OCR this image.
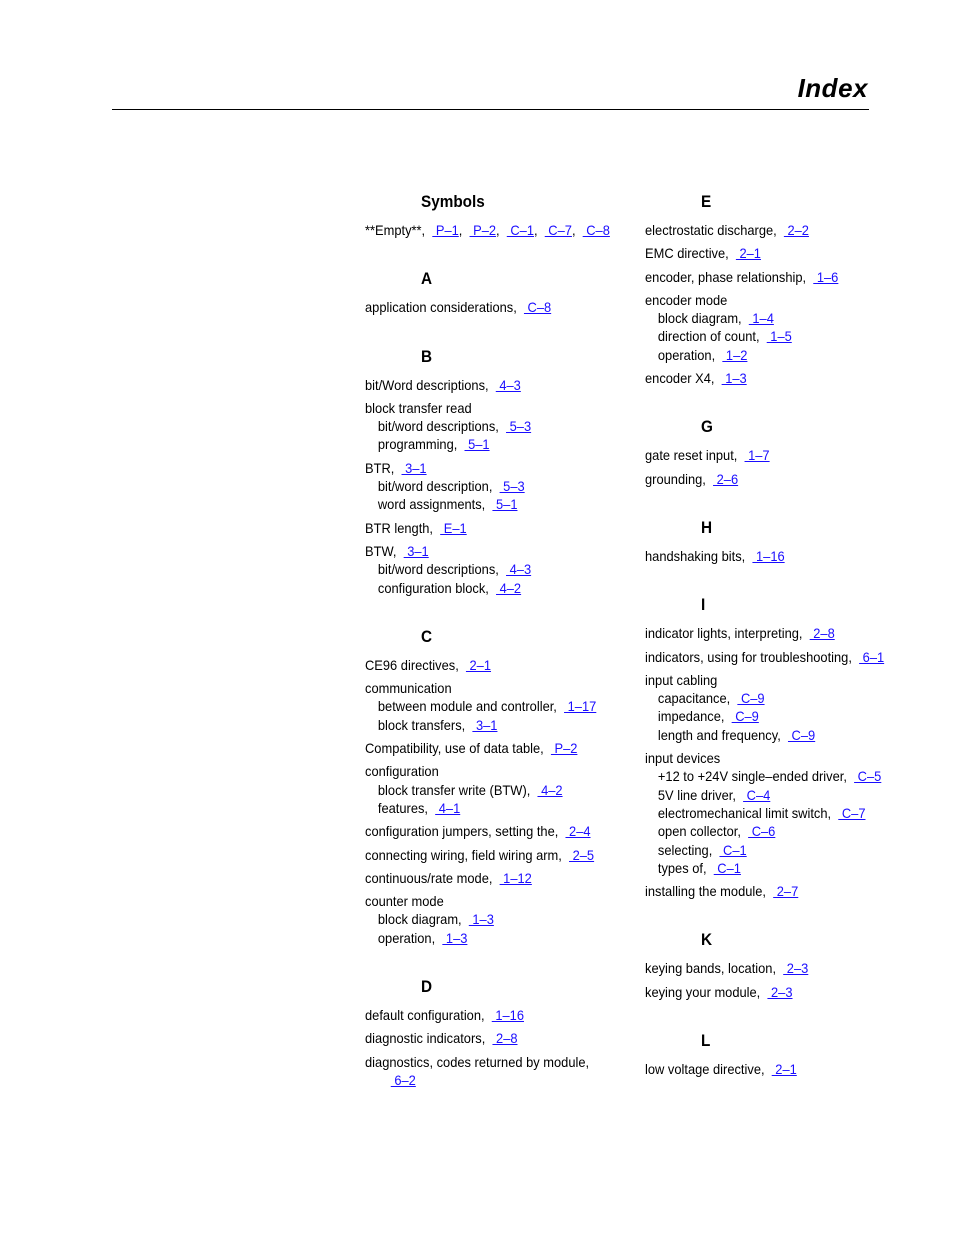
Index
Symbols
**Empty**,   P–1,   P–2,   C–1,   C–7,   C–8
A
application considerations,   C–8
B
bit/Word descriptions,   4–3
block transfer read
bit/word descriptions,   5–3
programming,   5–1
BTR,   3–1
bit/word description,   5–3
word assignments,   5–1
BTR length,   E–1
BTW,   3–1
bit/word descriptions,   4–3
configuration block,   4–2
C
CE96 directives,   2–1
communication
between module and controller,   1–17
block transfers,   3–1
Compatibility, use of data table,   P–2
configuration
block transfer write (BTW),   4–2
features,   4–1
configuration jumpers, setting the,   2–4
connecting wiring, field wiring arm,   2–5
continuous/rate mode,   1–12
counter mode
block diagram,   1–3
operation,   1–3
D
default configuration,   1–16
diagnostic indicators,   2–8
diagnostics, codes returned by module,
6–2
E
electrostatic discharge,   2–2
EMC directive,   2–1
encoder, phase relationship,   1–6
encoder mode
block diagram,   1–4
direction of count,   1–5
operation,   1–2
encoder X4,   1–3
G
gate reset input,   1–7
grounding,   2–6
H
handshaking bits,   1–16
I
indicator lights, interpreting,   2–8
indicators, using for troubleshooting,   6–1
input cabling
capacitance,   C–9
impedance,   C–9
length and frequency,   C–9
input devices
+12 to +24V single–ended driver,   C–5
5V line driver,   C–4
electromechanical limit switch,   C–7
open collector,   C–6
selecting,   C–1
types of,   C–1
installing the module,   2–7
K
keying bands, location,   2–3
keying your module,   2–3
L
low voltage directive,   2–1
